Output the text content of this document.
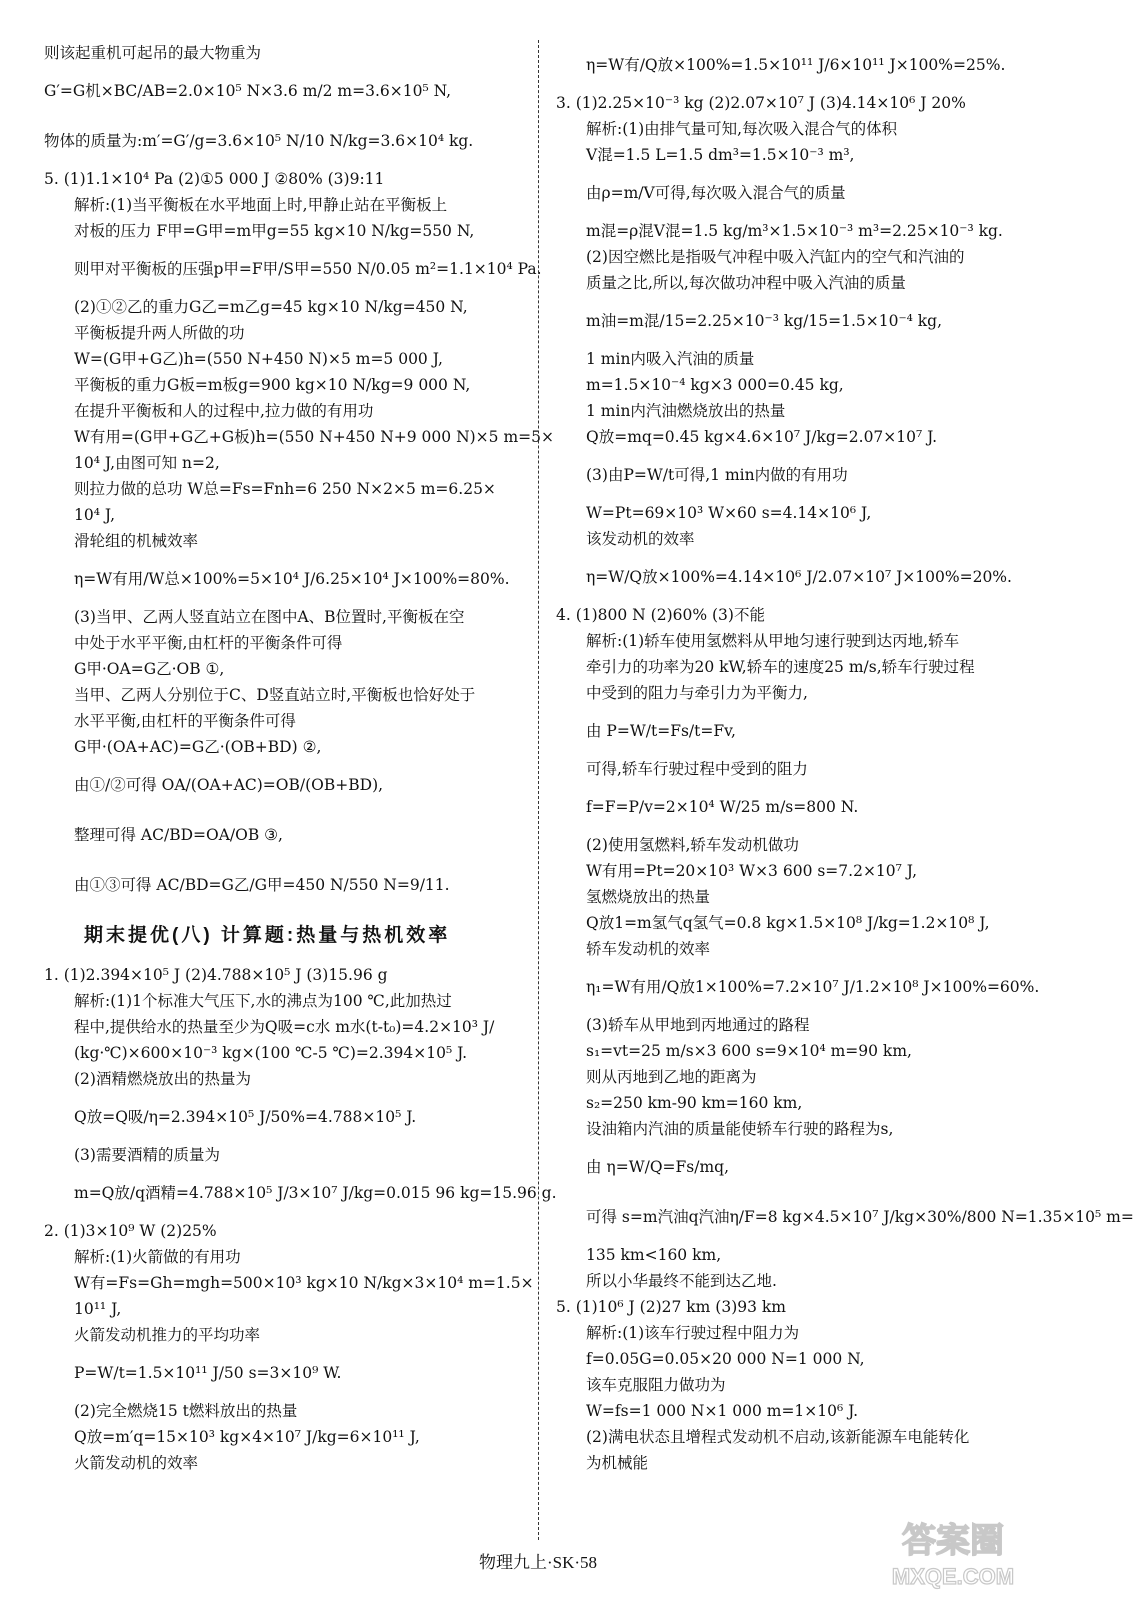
则该起重机可起吊的最大物重为
G′=G机×BC/AB=2.0×10⁵ N×3.6 m/2 m=3.6×10⁵ N,
物体的质量为:m′=G′/g=3.6×10⁵ N/10 N/kg=3.6×10⁴ kg.
5. (1)1.1×10⁴ Pa (2)①5 000 J ②80% (3)9:11
解析:(1)当平衡板在水平地面上时,甲静止站在平衡板上
对板的压力 F甲=G甲=m甲g=55 kg×10 N/kg=550 N,
则甲对平衡板的压强p甲=F甲/S甲=550 N/0.05 m²=1.1×10⁴ Pa.
(2)①②乙的重力G乙=m乙g=45 kg×10 N/kg=450 N,
平衡板提升两人所做的功
W=(G甲+G乙)h=(550 N+450 N)×5 m=5 000 J,
平衡板的重力G板=m板g=900 kg×10 N/kg=9 000 N,
在提升平衡板和人的过程中,拉力做的有用功
W有用=(G甲+G乙+G板)h=(550 N+450 N+9 000 N)×5 m=5×
10⁴ J,由图可知 n=2,
则拉力做的总功 W总=Fs=Fnh=6 250 N×2×5 m=6.25×
10⁴ J,
滑轮组的机械效率
η=W有用/W总×100%=5×10⁴ J/6.25×10⁴ J×100%=80%.
(3)当甲、乙两人竖直站立在图中A、B位置时,平衡板在空
中处于水平平衡,由杠杆的平衡条件可得
G甲·OA=G乙·OB ①,
当甲、乙两人分别位于C、D竖直站立时,平衡板也恰好处于
水平平衡,由杠杆的平衡条件可得
G甲·(OA+AC)=G乙·(OB+BD) ②,
由①/②可得 OA/(OA+AC)=OB/(OB+BD),
整理可得 AC/BD=OA/OB ③,
由①③可得 AC/BD=G乙/G甲=450 N/550 N=9/11.
期末提优(八) 计算题:热量与热机效率
1. (1)2.394×10⁵ J (2)4.788×10⁵ J (3)15.96 g
解析:(1)1个标准大气压下,水的沸点为100 ℃,此加热过
程中,提供给水的热量至少为Q吸=c水 m水(t-t₀)=4.2×10³ J/
(kg·℃)×600×10⁻³ kg×(100 ℃-5 ℃)=2.394×10⁵ J.
(2)酒精燃烧放出的热量为
Q放=Q吸/η=2.394×10⁵ J/50%=4.788×10⁵ J.
(3)需要酒精的质量为
m=Q放/q酒精=4.788×10⁵ J/3×10⁷ J/kg=0.015 96 kg=15.96 g.
2. (1)3×10⁹ W (2)25%
解析:(1)火箭做的有用功
W有=Fs=Gh=mgh=500×10³ kg×10 N/kg×3×10⁴ m=1.5×
10¹¹ J,
火箭发动机推力的平均功率
P=W/t=1.5×10¹¹ J/50 s=3×10⁹ W.
(2)完全燃烧15 t燃料放出的热量
Q放=m′q=15×10³ kg×4×10⁷ J/kg=6×10¹¹ J,
火箭发动机的效率
η=W有/Q放×100%=1.5×10¹¹ J/6×10¹¹ J×100%=25%.
3. (1)2.25×10⁻³ kg (2)2.07×10⁷ J (3)4.14×10⁶ J 20%
解析:(1)由排气量可知,每次吸入混合气的体积
V混=1.5 L=1.5 dm³=1.5×10⁻³ m³,
由ρ=m/V可得,每次吸入混合气的质量
m混=ρ混V混=1.5 kg/m³×1.5×10⁻³ m³=2.25×10⁻³ kg.
(2)因空燃比是指吸气冲程中吸入汽缸内的空气和汽油的
质量之比,所以,每次做功冲程中吸入汽油的质量
m油=m混/15=2.25×10⁻³ kg/15=1.5×10⁻⁴ kg,
1 min内吸入汽油的质量
m=1.5×10⁻⁴ kg×3 000=0.45 kg,
1 min内汽油燃烧放出的热量
Q放=mq=0.45 kg×4.6×10⁷ J/kg=2.07×10⁷ J.
(3)由P=W/t可得,1 min内做的有用功
W=Pt=69×10³ W×60 s=4.14×10⁶ J,
该发动机的效率
η=W/Q放×100%=4.14×10⁶ J/2.07×10⁷ J×100%=20%.
4. (1)800 N (2)60% (3)不能
解析:(1)轿车使用氢燃料从甲地匀速行驶到达丙地,轿车
牵引力的功率为20 kW,轿车的速度25 m/s,轿车行驶过程
中受到的阻力与牵引力为平衡力,
由 P=W/t=Fs/t=Fv,
可得,轿车行驶过程中受到的阻力
f=F=P/v=2×10⁴ W/25 m/s=800 N.
(2)使用氢燃料,轿车发动机做功
W有用=Pt=20×10³ W×3 600 s=7.2×10⁷ J,
氢燃烧放出的热量
Q放1=m氢气q氢气=0.8 kg×1.5×10⁸ J/kg=1.2×10⁸ J,
轿车发动机的效率
η₁=W有用/Q放1×100%=7.2×10⁷ J/1.2×10⁸ J×100%=60%.
(3)轿车从甲地到丙地通过的路程
s₁=vt=25 m/s×3 600 s=9×10⁴ m=90 km,
则从丙地到乙地的距离为
s₂=250 km-90 km=160 km,
设油箱内汽油的质量能使轿车行驶的路程为s,
由 η=W/Q=Fs/mq,
可得 s=m汽油q汽油η/F=8 kg×4.5×10⁷ J/kg×30%/800 N=1.35×10⁵ m=
135 km<160 km,
所以小华最终不能到达乙地.
5. (1)10⁶ J (2)27 km (3)93 km
解析:(1)该车行驶过程中阻力为
f=0.05G=0.05×20 000 N=1 000 N,
该车克服阻力做功为
W=fs=1 000 N×1 000 m=1×10⁶ J.
(2)满电状态且增程式发动机不启动,该新能源车电能转化
为机械能
物理九上·SK·58
答案圈
MXQE.COM
